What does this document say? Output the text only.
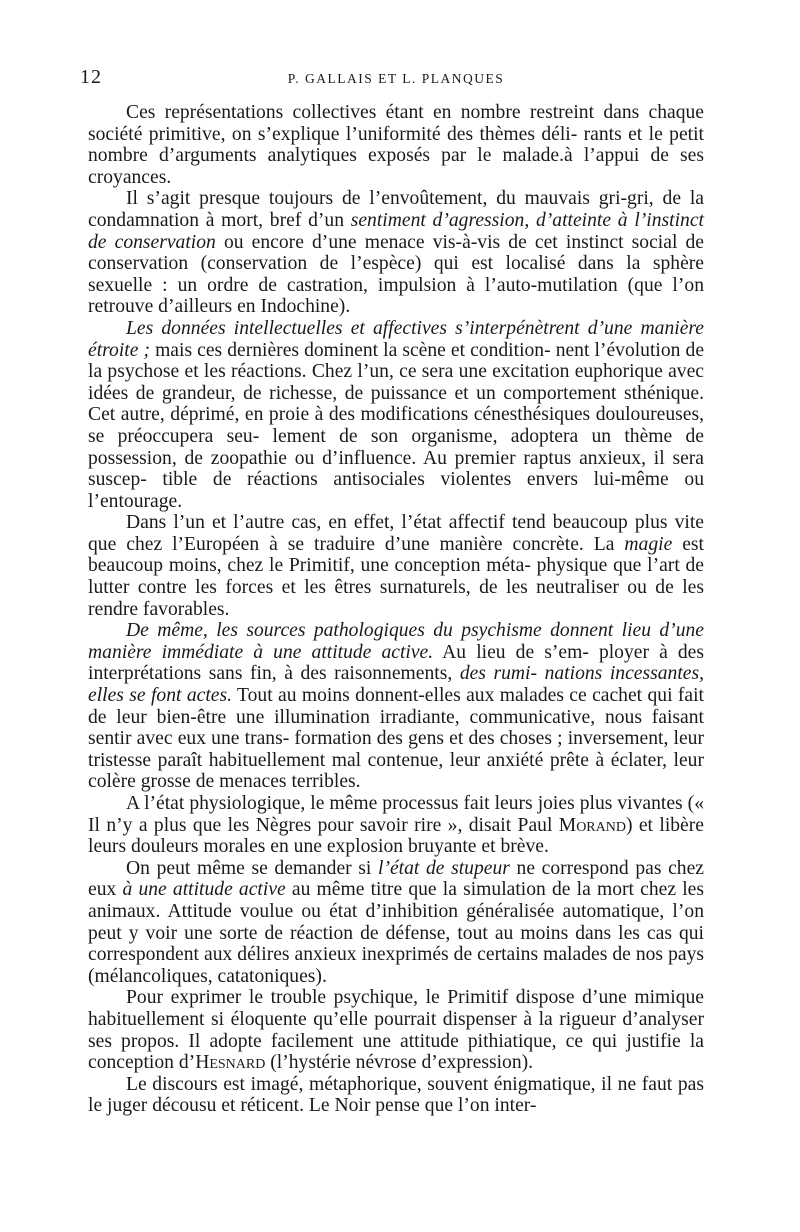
12	P. GALLAIS ET L. PLANQUES

Ces représentations collectives étant en nombre restreint dans chaque société primitive, on s’explique l’uniformité des thèmes déli- rants et le petit nombre d’arguments analytiques exposés par le malade.à l’appui de ses croyances.

Il s’agit presque toujours de l’envoûtement, du mauvais gri-gri, de la condamnation à mort, bref d’un sentiment d’agression, d’atteinte à l’instinct de conservation ou encore d’une menace vis-à-vis de cet instinct social de conservation (conservation de l’espèce) qui est localisé dans la sphère sexuelle : un ordre de castration, impulsion à l’auto-mutilation (que l’on retrouve d’ailleurs en Indochine).

Les données intellectuelles et affectives s’interpénètrent d’une manière étroite ; mais ces dernières dominent la scène et condition- nent l’évolution de la psychose et les réactions. Chez l’un, ce sera une excitation euphorique avec idées de grandeur, de richesse, de puissance et un comportement sthénique. Cet autre, déprimé, en proie à des modifications cénesthésiques douloureuses, se préoccupera seu- lement de son organisme, adoptera un thème de possession, de zoopathie ou d’influence. Au premier raptus anxieux, il sera suscep- tible de réactions antisociales violentes envers lui-même ou l’entourage.

Dans l’un et l’autre cas, en effet, l’état affectif tend beaucoup plus vite que chez l’Européen à se traduire d’une manière concrète. La magie est beaucoup moins, chez le Primitif, une conception méta- physique que l’art de lutter contre les forces et les êtres surnaturels, de les neutraliser ou de les rendre favorables.

De même, les sources pathologiques du psychisme donnent lieu d’une manière immédiate à une attitude active. Au lieu de s’em- ployer à des interprétations sans fin, à des raisonnements, des rumi- nations incessantes, elles se font actes. Tout au moins donnent-elles aux malades ce cachet qui fait de leur bien-être une illumination irradiante, communicative, nous faisant sentir avec eux une trans- formation des gens et des choses ; inversement, leur tristesse paraît habituellement mal contenue, leur anxiété prête à éclater, leur colère grosse de menaces terribles.

A l’état physiologique, le même processus fait leurs joies plus vivantes (« Il n’y a plus que les Nègres pour savoir rire », disait Paul Morand) et libère leurs douleurs morales en une explosion bruyante et brève.

On peut même se demander si l’état de stupeur ne correspond pas chez eux à une attitude active au même titre que la simulation de la mort chez les animaux. Attitude voulue ou état d’inhibition généralisée automatique, l’on peut y voir une sorte de réaction de défense, tout au moins dans les cas qui correspondent aux délires anxieux inexprimés de certains malades de nos pays (mélancoliques, catatoniques).

Pour exprimer le trouble psychique, le Primitif dispose d’une mimique habituellement si éloquente qu’elle pourrait dispenser à la rigueur d’analyser ses propos. Il adopte facilement une attitude pithiatique, ce qui justifie la conception d’Hesnard (l’hystérie névrose d’expression).

Le discours est imagé, métaphorique, souvent énigmatique, il ne faut pas le juger décousu et réticent. Le Noir pense que l’on inter-
